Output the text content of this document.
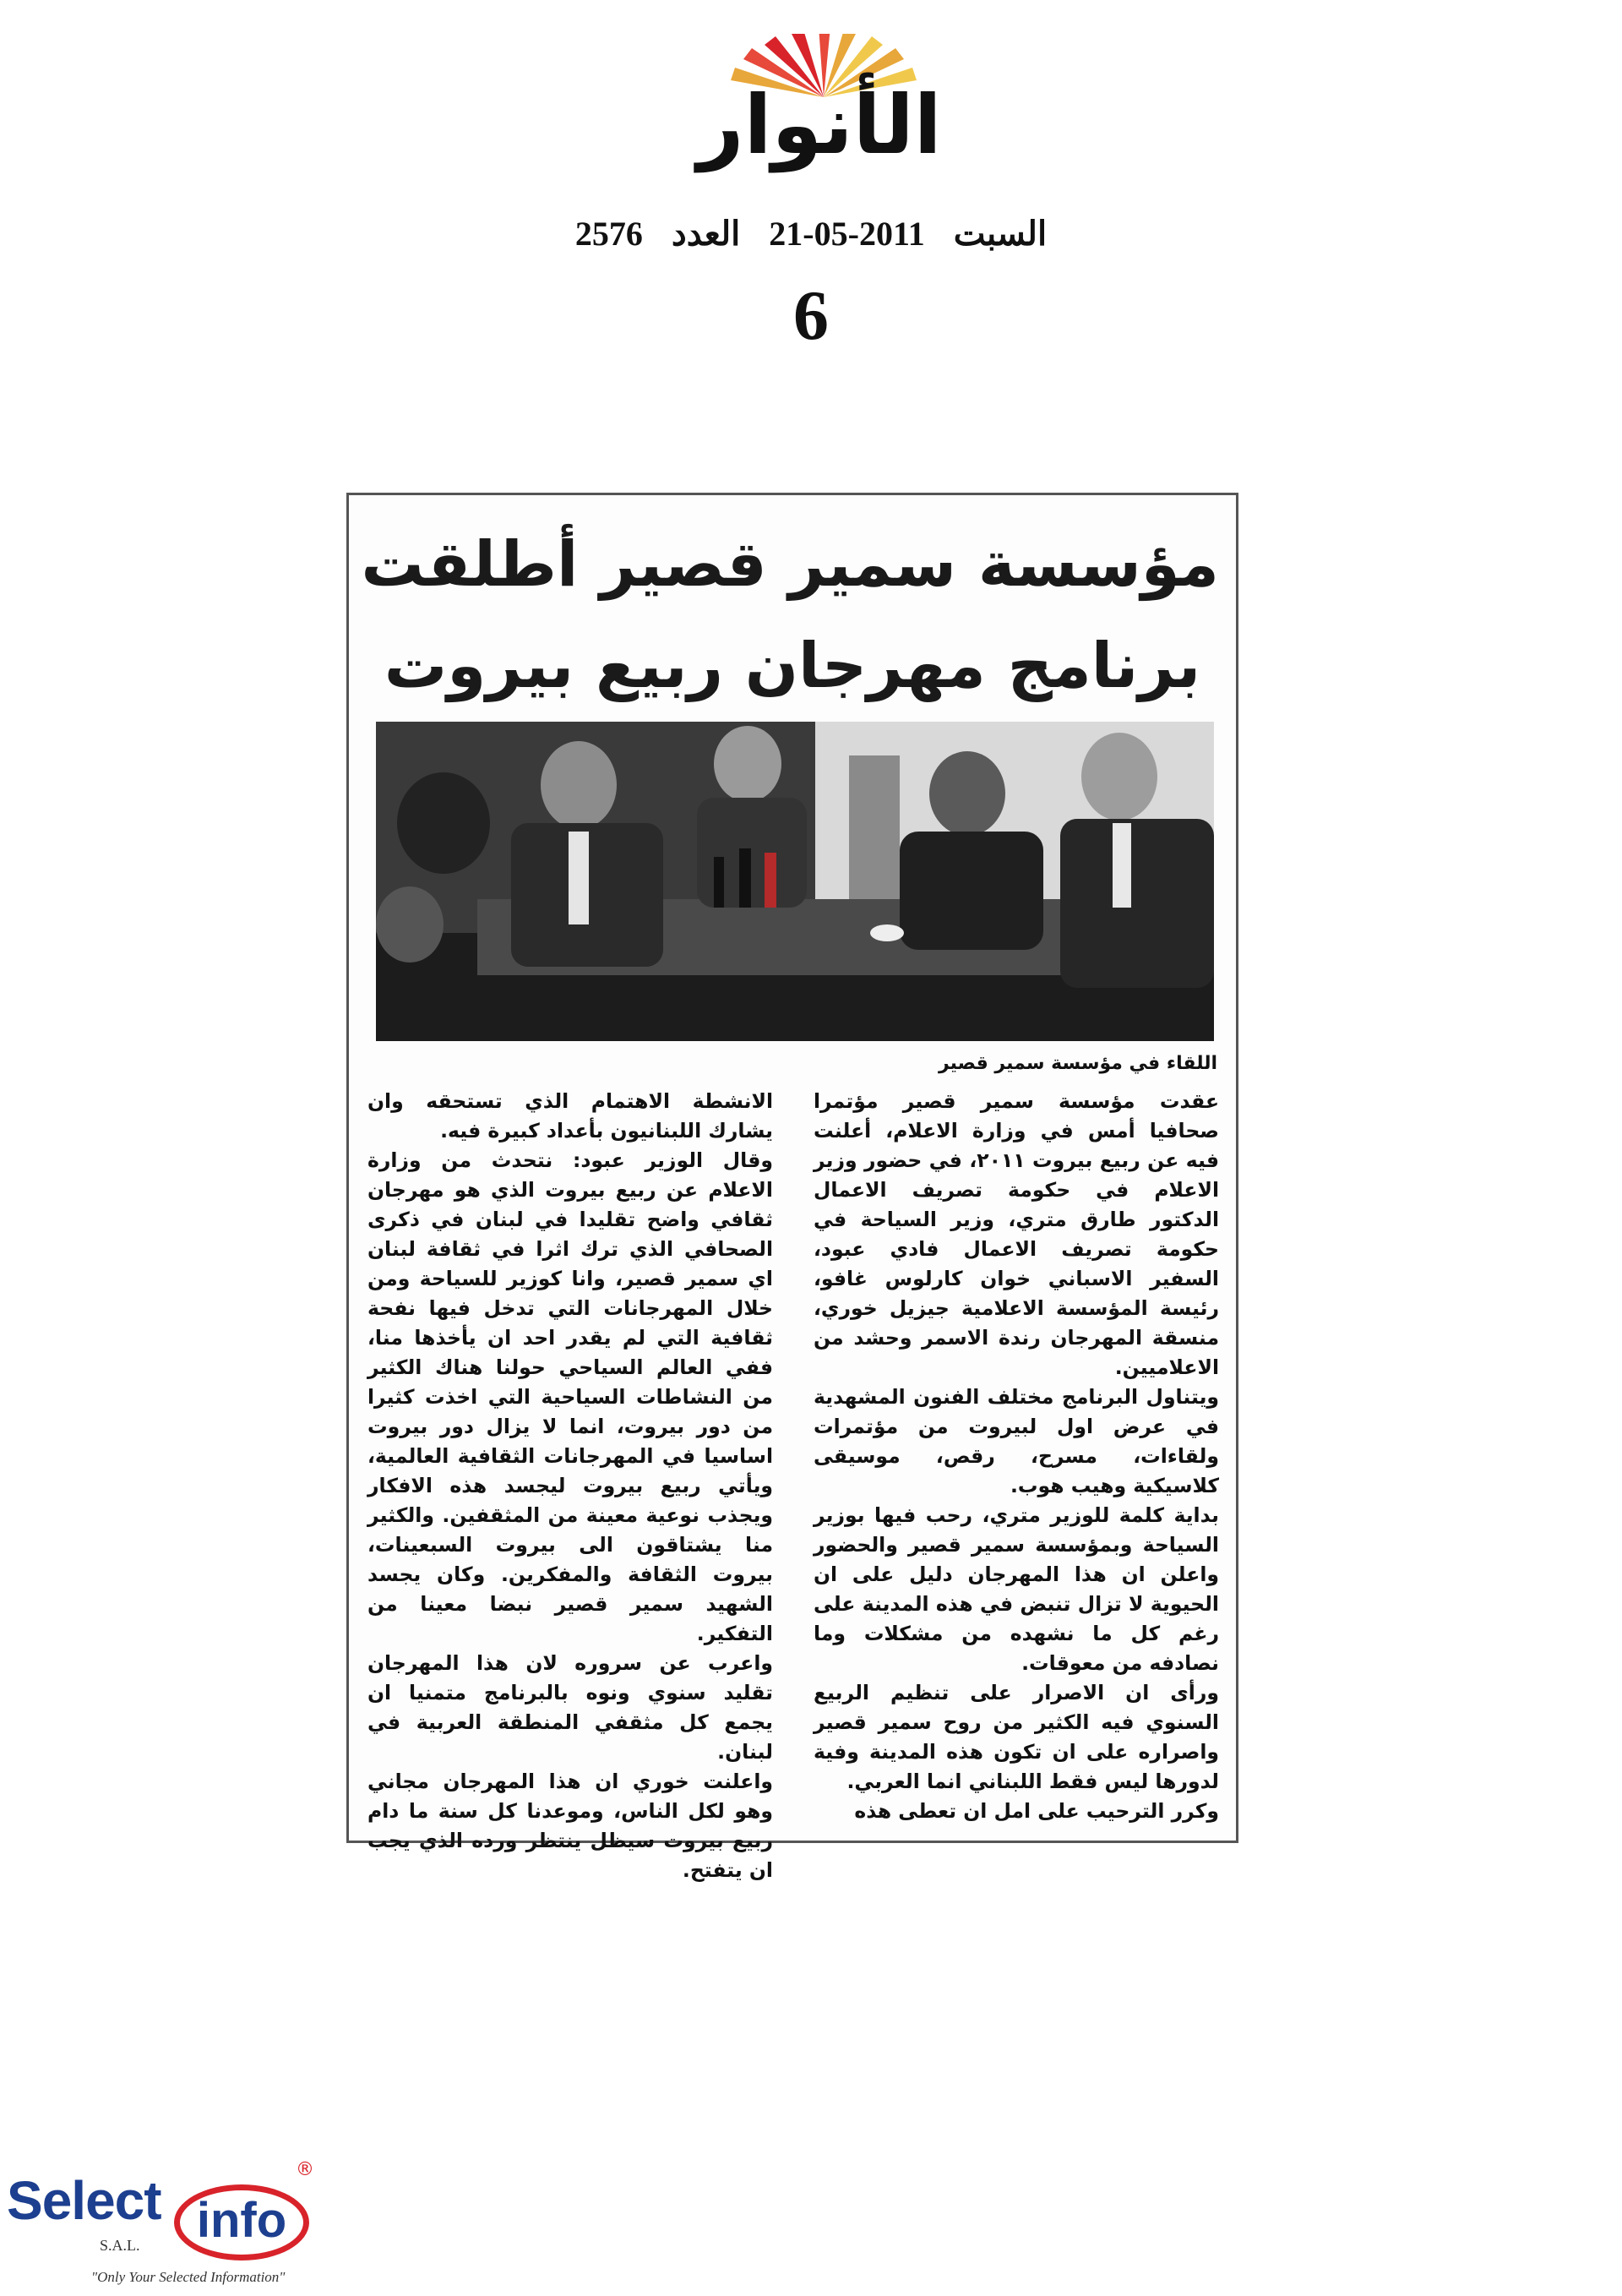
الأنوار
السبت 2011-05-21 العدد 2576
6
مؤسسة سمير قصير أطلقت
برنامج مهرجان ربيع بيروت
اللقاء في مؤسسة سمير قصير

عقدت مؤسسة سمير قصير مؤتمرا صحافيا أمس في وزارة الاعلام، أعلنت فيه عن ربيع بيروت ٢٠١١، في حضور وزير الاعلام في حكومة تصريف الاعمال الدكتور طارق متري، وزير السياحة في حكومة تصريف الاعمال فادي عبود، السفير الاسباني خوان كارلوس غافو، رئيسة المؤسسة الاعلامية جيزيل خوري، منسقة المهرجان رندة الاسمر وحشد من الاعلاميين.

ويتناول البرنامج مختلف الفنون المشهدية في عرض اول لبيروت من مؤتمرات ولقاءات، مسرح، رقص، موسيقى كلاسيكية وهيب هوب.

بداية كلمة للوزير متري، رحب فيها بوزير السياحة وبمؤسسة سمير قصير والحضور واعلن ان هذا المهرجان دليل على ان الحيوية لا تزال تنبض في هذه المدينة على رغم كل ما نشهده من مشكلات وما نصادفه من معوقات.

ورأى ان الاصرار على تنظيم الربيع السنوي فيه الكثير من روح سمير قصير واصراره على ان تكون هذه المدينة وفية لدورها ليس فقط اللبناني انما العربي.

وكرر الترحيب على امل ان تعطى هذه

الانشطة الاهتمام الذي تستحقه وان يشارك اللبنانيون بأعداد كبيرة فيه.

وقال الوزير عبود: نتحدث من وزارة الاعلام عن ربيع بيروت الذي هو مهرجان ثقافي واضح تقليدا في لبنان في ذكرى الصحافي الذي ترك اثرا في ثقافة لبنان اي سمير قصير، وانا كوزير للسياحة ومن خلال المهرجانات التي تدخل فيها نفحة ثقافية التي لم يقدر احد ان يأخذها منا، ففي العالم السياحي حولنا هناك الكثير من النشاطات السياحية التي اخذت كثيرا من دور بيروت، انما لا يزال دور بيروت اساسيا في المهرجانات الثقافية العالمية، ويأتي ربيع بيروت ليجسد هذه الافكار ويجذب نوعية معينة من المثقفين. والكثير منا يشتاقون الى بيروت السبعينات، بيروت الثقافة والمفكرين. وكان يجسد الشهيد سمير قصير نبضا معينا من التفكير.

واعرب عن سروره لان هذا المهرجان تقليد سنوي ونوه بالبرنامج متمنيا ان يجمع كل مثقفي المنطقة العربية في لبنان.

واعلنت خوري ان هذا المهرجان مجاني وهو لكل الناس، وموعدنا كل سنة ما دام ربيع بيروت سيظل ينتظر ورده الذي يجب ان يتفتح.

Select info
®
S.A.L.
"Only Your Selected Information"
